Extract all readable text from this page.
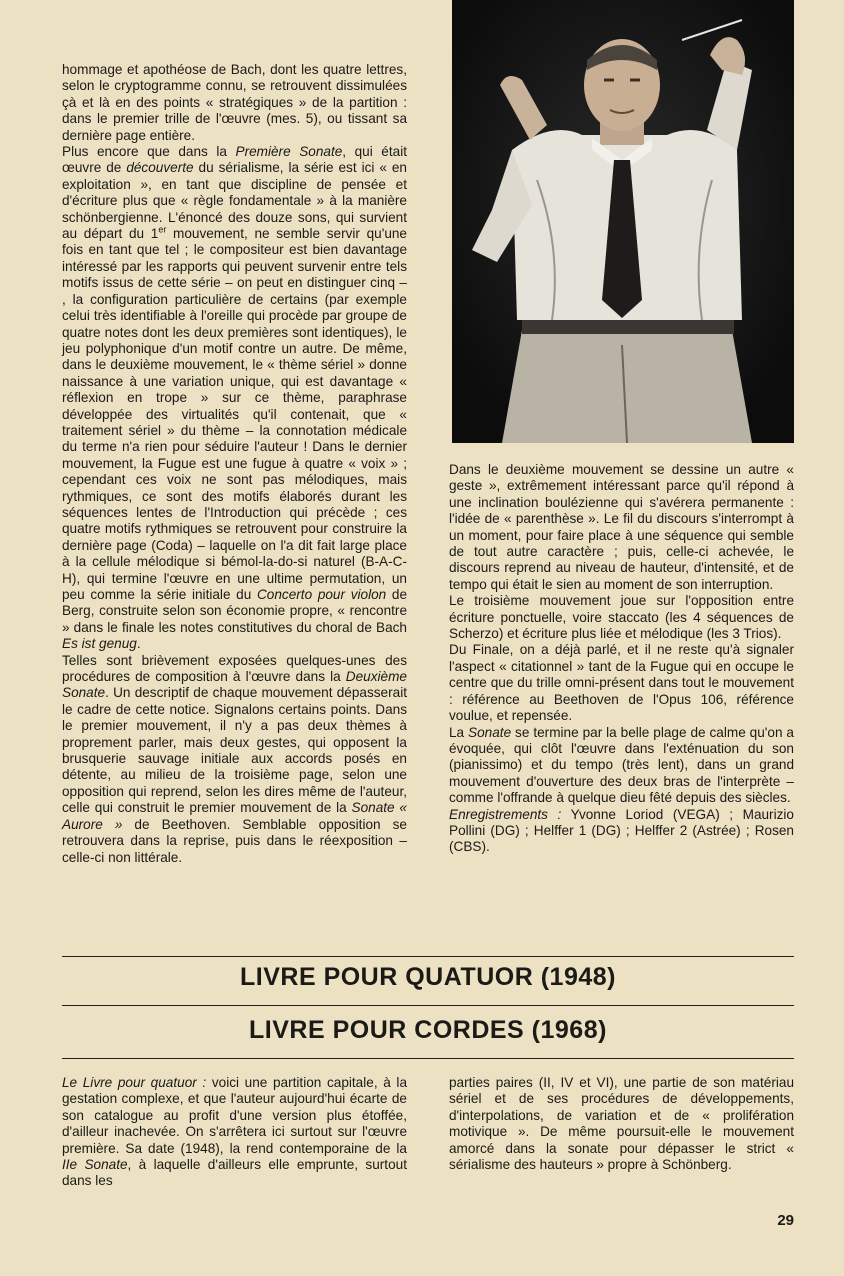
hommage et apothéose de Bach, dont les quatre lettres, selon le cryptogramme connu, se retrouvent dissimulées çà et là en des points « stratégiques » de la partition : dans le premier trille de l'œuvre (mes. 5), ou tissant sa dernière page entière.

Plus encore que dans la Première Sonate, qui était œuvre de découverte du sérialisme, la série est ici « en exploitation », en tant que discipline de pensée et d'écriture plus que « règle fondamentale » à la manière schönbergienne. L'énoncé des douze sons, qui survient au départ du 1er mouvement, ne semble servir qu'une fois en tant que tel ; le compositeur est bien davantage intéressé par les rapports qui peuvent survenir entre tels motifs issus de cette série – on peut en distinguer cinq – , la configuration particulière de certains (par exemple celui très identifiable à l'oreille qui procède par groupe de quatre notes dont les deux premières sont identiques), le jeu polyphonique d'un motif contre un autre. De même, dans le deuxième mouvement, le « thème sériel » donne naissance à une variation unique, qui est davantage « réflexion en trope » sur ce thème, paraphrase développée des virtualités qu'il contenait, que « traitement sériel » du thème – la connotation médicale du terme n'a rien pour séduire l'auteur ! Dans le dernier mouvement, la Fugue est une fugue à quatre « voix » ; cependant ces voix ne sont pas mélodiques, mais rythmiques, ce sont des motifs élaborés durant les séquences lentes de l'Introduction qui précède ; ces quatre motifs rythmiques se retrouvent pour construire la dernière page (Coda) – laquelle on l'a dit fait large place à la cellule mélodique si bémol-la-do-si naturel (B-A-C-H), qui termine l'œuvre en une ultime permutation, un peu comme la série initiale du Concerto pour violon de Berg, construite selon son économie propre, « rencontre » dans le finale les notes constitutives du choral de Bach Es ist genug.

Telles sont brièvement exposées quelques-unes des procédures de composition à l'œuvre dans la Deuxième Sonate. Un descriptif de chaque mouvement dépasserait le cadre de cette notice. Signalons certains points. Dans le premier mouvement, il n'y a pas deux thèmes à proprement parler, mais deux gestes, qui opposent la brusquerie sauvage initiale aux accords posés en détente, au milieu de la troisième page, selon une opposition qui reprend, selon les dires même de l'auteur, celle qui construit le premier mouvement de la Sonate « Aurore » de Beethoven. Semblable opposition se retrouvera dans la reprise, puis dans le réexposition – celle-ci non littérale.

Dans le deuxième mouvement se dessine un autre « geste », extrêmement intéressant parce qu'il répond à une inclination boulézienne qui s'avérera permanente : l'idée de « parenthèse ». Le fil du discours s'interrompt à un moment, pour faire place à une séquence qui semble de tout autre caractère ; puis, celle-ci achevée, le discours reprend au niveau de hauteur, d'intensité, et de tempo qui était le sien au moment de son interruption.

Le troisième mouvement joue sur l'opposition entre écriture ponctuelle, voire staccato (les 4 séquences de Scherzo) et écriture plus liée et mélodique (les 3 Trios).

Du Finale, on a déjà parlé, et il ne reste qu'à signaler l'aspect « citationnel » tant de la Fugue qui en occupe le centre que du trille omni-présent dans tout le mouvement : référence au Beethoven de l'Opus 106, référence voulue, et repensée.

La Sonate se termine par la belle plage de calme qu'on a évoquée, qui clôt l'œuvre dans l'exténuation du son (pianissimo) et du tempo (très lent), dans un grand mouvement d'ouverture des deux bras de l'interprète – comme l'offrande à quelque dieu fêté depuis des siècles.

Enregistrements : Yvonne Loriod (VEGA) ; Maurizio Pollini (DG) ; Helffer 1 (DG) ; Helffer 2 (Astrée) ; Rosen (CBS).

LIVRE POUR QUATUOR (1948)
LIVRE POUR CORDES (1968)

Le Livre pour quatuor : voici une partition capitale, à la gestation complexe, et que l'auteur aujourd'hui écarte de son catalogue au profit d'une version plus étoffée, d'ailleur inachevée. On s'arrêtera ici surtout sur l'œuvre première. Sa date (1948), la rend contemporaine de la IIe Sonate, à laquelle d'ailleurs elle emprunte, surtout dans les

parties paires (II, IV et VI), une partie de son matériau sériel et de ses procédures de développements, d'interpolations, de variation et de « prolifération motivique ». De même poursuit-elle le mouvement amorcé dans la sonate pour dépasser le strict « sérialisme des hauteurs » propre à Schönberg.

29
